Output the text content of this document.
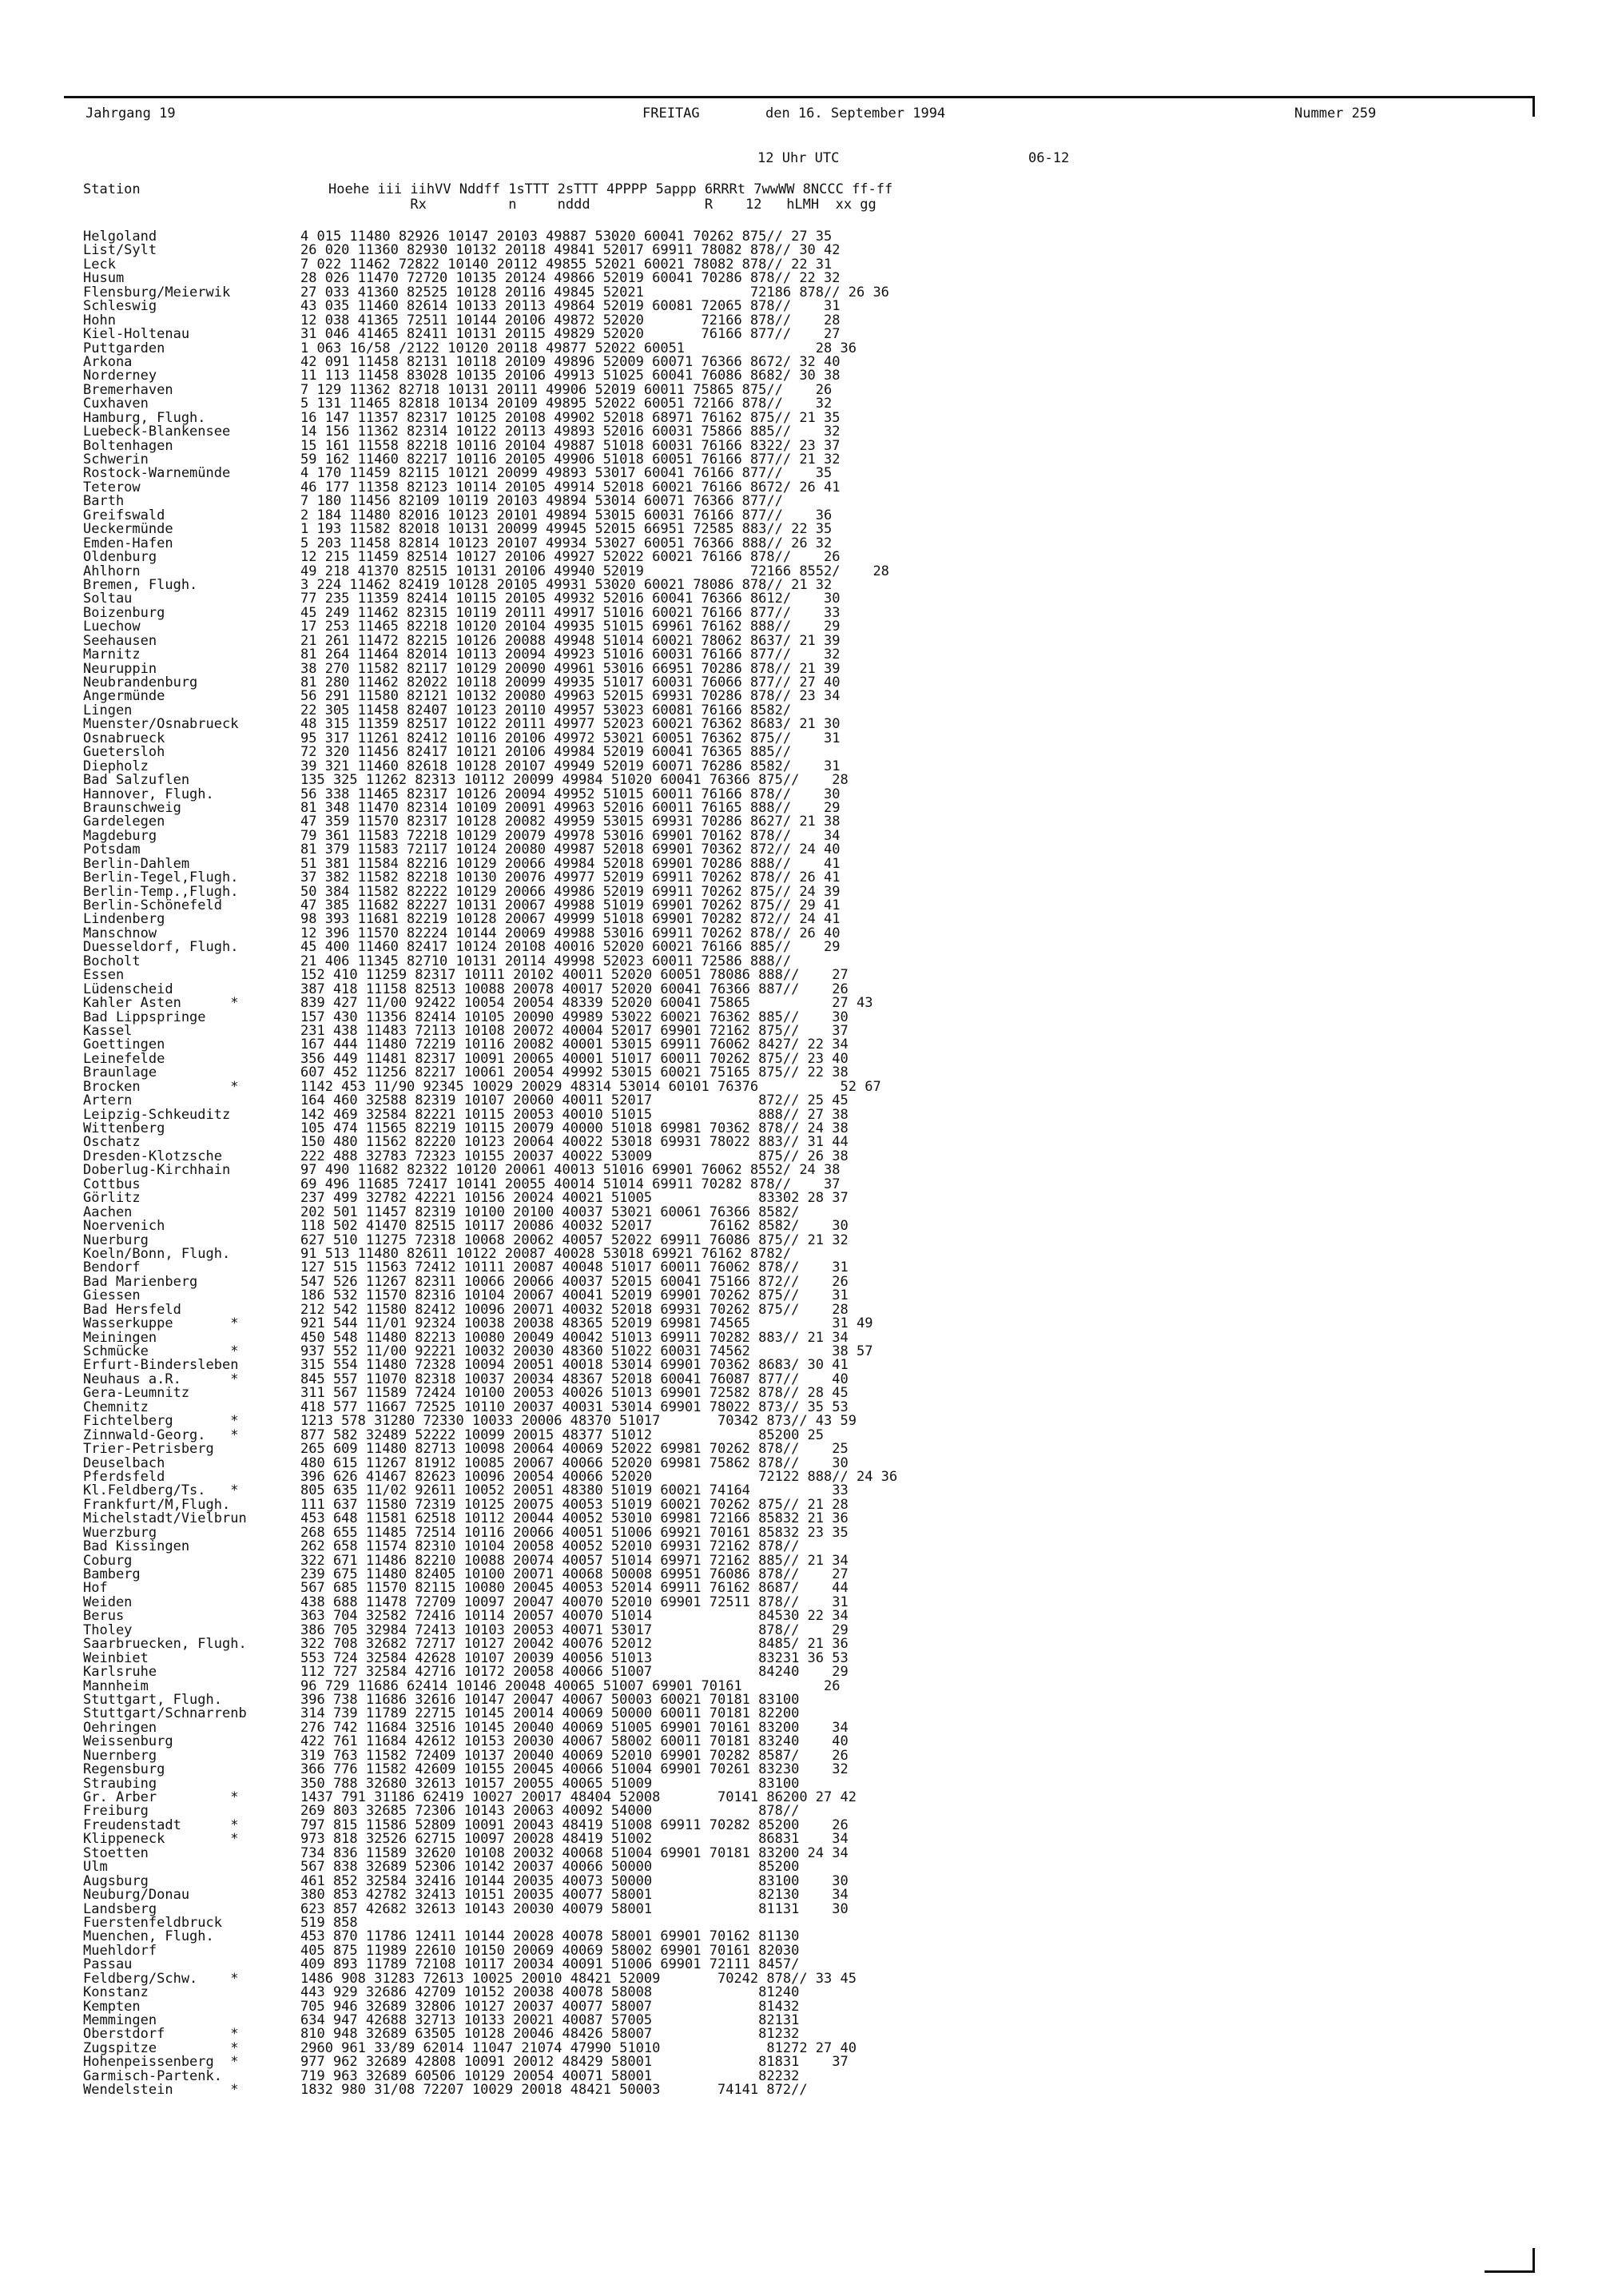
Jahrgang 19	FREITAG	den 16. September 1994	Nummer 259
12 Uhr UTC	06-12
Station                       Hoehe iii iihVV Nddff 1sTTT 2sTTT 4PPPP 5appp 6RRRt 7wwWW 8NCCC ff-ff
Rx          n     nddd              R    12   hLMH  xx gg
Helgoland	4 015 11480 82926 10147 20103 49887 53020 60041 70262 875// 27 35
List/Sylt	26 020 11360 82930 10132 20118 49841 52017 69911 78082 878// 30 42
Leck	7 022 11462 72822 10140 20112 49855 52021 60021 78082 878// 22 31
Husum	28 026 11470 72720 10135 20124 49866 52019 60041 70286 878// 22 32
Flensburg/Meierwik	27 033 41360 82525 10128 20116 49845 52021             72186 878// 26 36
Schleswig	43 035 11460 82614 10133 20113 49864 52019 60081 72065 878//    31
Hohn	12 038 41365 72511 10144 20106 49872 52020       72166 878//    28
Kiel-Holtenau	31 046 41465 82411 10131 20115 49829 52020       76166 877//    27
Puttgarden	1 063 16/58 /2122 10120 20118 49877 52022 60051                28 36
Arkona	42 091 11458 82131 10118 20109 49896 52009 60071 76366 8672/ 32 40
Norderney	11 113 11458 83028 10135 20106 49913 51025 60041 76086 8682/ 30 38
Bremerhaven	7 129 11362 82718 10131 20111 49906 52019 60011 75865 875//    26
Cuxhaven	5 131 11465 82818 10134 20109 49895 52022 60051 72166 878//    32
Hamburg, Flugh.	16 147 11357 82317 10125 20108 49902 52018 68971 76162 875// 21 35
Luebeck-Blankensee	14 156 11362 82314 10122 20113 49893 52016 60031 75866 885//    32
Boltenhagen	15 161 11558 82218 10116 20104 49887 51018 60031 76166 8322/ 23 37
Schwerin	59 162 11460 82217 10116 20105 49906 51018 60051 76166 877// 21 32
Rostock-Warnemünde	4 170 11459 82115 10121 20099 49893 53017 60041 76166 877//    35
Teterow	46 177 11358 82123 10114 20105 49914 52018 60021 76166 8672/ 26 41
Barth	7 180 11456 82109 10119 20103 49894 53014 60071 76366 877//
Greifswald	2 184 11480 82016 10123 20101 49894 53015 60031 76166 877//    36
Ueckermünde	1 193 11582 82018 10131 20099 49945 52015 66951 72585 883// 22 35
Emden-Hafen	5 203 11458 82814 10123 20107 49934 53027 60051 76366 888// 26 32
Oldenburg	12 215 11459 82514 10127 20106 49927 52022 60021 76166 878//    26
Ahlhorn	49 218 41370 82515 10131 20106 49940 52019             72166 8552/    28
Bremen, Flugh.	3 224 11462 82419 10128 20105 49931 53020 60021 78086 878// 21 32
Soltau	77 235 11359 82414 10115 20105 49932 52016 60041 76366 8612/    30
Boizenburg	45 249 11462 82315 10119 20111 49917 51016 60021 76166 877//    33
Luechow	17 253 11465 82218 10120 20104 49935 51015 69961 76162 888//    29
Seehausen	21 261 11472 82215 10126 20088 49948 51014 60021 78062 8637/ 21 39
Marnitz	81 264 11464 82014 10113 20094 49923 51016 60031 76166 877//    32
Neuruppin	38 270 11582 82117 10129 20090 49961 53016 66951 70286 878// 21 39
Neubrandenburg	81 280 11462 82022 10118 20099 49935 51017 60031 76066 877// 27 40
Angermünde	56 291 11580 82121 10132 20080 49963 52015 69931 70286 878// 23 34
Lingen	22 305 11458 82407 10123 20110 49957 53023 60081 76166 8582/
Muenster/Osnabrueck	48 315 11359 82517 10122 20111 49977 52023 60021 76362 8683/ 21 30
Osnabrueck	95 317 11261 82412 10116 20106 49972 53021 60051 76362 875//    31
Guetersloh	72 320 11456 82417 10121 20106 49984 52019 60041 76365 885//
Diepholz	39 321 11460 82618 10128 20107 49949 52019 60071 76286 8582/    31
Bad Salzuflen	135 325 11262 82313 10112 20099 49984 51020 60041 76366 875//    28
Hannover, Flugh.	56 338 11465 82317 10126 20094 49952 51015 60011 76166 878//    30
Braunschweig	81 348 11470 82314 10109 20091 49963 52016 60011 76165 888//    29
Gardelegen	47 359 11570 82317 10128 20082 49959 53015 69931 70286 8627/ 21 38
Magdeburg	79 361 11583 72218 10129 20079 49978 53016 69901 70162 878//    34
Potsdam	81 379 11583 72117 10124 20080 49987 52018 69901 70362 872// 24 40
Berlin-Dahlem	51 381 11584 82216 10129 20066 49984 52018 69901 70286 888//    41
Berlin-Tegel,Flugh.	37 382 11582 82218 10130 20076 49977 52019 69911 70262 878// 26 41
Berlin-Temp.,Flugh.	50 384 11582 82222 10129 20066 49986 52019 69911 70262 875// 24 39
Berlin-Schönefeld	47 385 11682 82227 10131 20067 49988 51019 69901 70262 875// 29 41
Lindenberg	98 393 11681 82219 10128 20067 49999 51018 69901 70282 872// 24 41
Manschnow	12 396 11570 82224 10144 20069 49988 53016 69911 70262 878// 26 40
Duesseldorf, Flugh.	45 400 11460 82417 10124 20108 40016 52020 60021 76166 885//    29
Bocholt	21 406 11345 82710 10131 20114 49998 52023 60011 72586 888//
Essen	152 410 11259 82317 10111 20102 40011 52020 60051 78086 888//    27
Lüdenscheid	387 418 11158 82513 10088 20078 40017 52020 60041 76366 887//    26
Kahler Asten      *	839 427 11/00 92422 10054 20054 48339 52020 60041 75865          27 43
Bad Lippspringe	157 430 11356 82414 10105 20090 49989 53022 60021 76362 885//    30
Kassel	231 438 11483 72113 10108 20072 40004 52017 69901 72162 875//    37
Goettingen	167 444 11480 72219 10116 20082 40001 53015 69911 76062 8427/ 22 34
Leinefelde	356 449 11481 82317 10091 20065 40001 51017 60011 70262 875// 23 40
Braunlage	607 452 11256 82217 10061 20054 49992 53015 60021 75165 875// 22 38
Brocken           *	1142 453 11/90 92345 10029 20029 48314 53014 60101 76376          52 67
Artern	164 460 32588 82319 10107 20060 40011 52017             872// 25 45
Leipzig-Schkeuditz	142 469 32584 82221 10115 20053 40010 51015             888// 27 38
Wittenberg	105 474 11565 82219 10115 20079 40000 51018 69981 70362 878// 24 38
Oschatz	150 480 11562 82220 10123 20064 40022 53018 69931 78022 883// 31 44
Dresden-Klotzsche	222 488 32783 72323 10155 20037 40022 53009             875// 26 38
Doberlug-Kirchhain	97 490 11682 82322 10120 20061 40013 51016 69901 76062 8552/ 24 38
Cottbus	69 496 11685 72417 10141 20055 40014 51014 69911 70282 878//    37
Görlitz	237 499 32782 42221 10156 20024 40021 51005             83302 28 37
Aachen	202 501 11457 82319 10100 20100 40037 53021 60061 76366 8582/
Noervenich	118 502 41470 82515 10117 20086 40032 52017       76162 8582/    30
Nuerburg	627 510 11275 72318 10068 20062 40057 52022 69911 76086 875// 21 32
Koeln/Bonn, Flugh.	91 513 11480 82611 10122 20087 40028 53018 69921 76162 8782/
Bendorf	127 515 11563 72412 10111 20087 40048 51017 60011 76062 878//    31
Bad Marienberg	547 526 11267 82311 10066 20066 40037 52015 60041 75166 872//    26
Giessen	186 532 11570 82316 10104 20067 40041 52019 69901 70262 875//    31
Bad Hersfeld	212 542 11580 82412 10096 20071 40032 52018 69931 70262 875//    28
Wasserkuppe       *	921 544 11/01 92324 10038 20038 48365 52019 69981 74565          31 49
Meiningen	450 548 11480 82213 10080 20049 40042 51013 69911 70282 883// 21 34
Schmücke          *	937 552 11/00 92221 10032 20030 48360 51022 60031 74562          38 57
Erfurt-Bindersleben	315 554 11480 72328 10094 20051 40018 53014 69901 70362 8683/ 30 41
Neuhaus a.R.      *	845 557 11070 82318 10037 20034 48367 52018 60041 76087 877//    40
Gera-Leumnitz	311 567 11589 72424 10100 20053 40026 51013 69901 72582 878// 28 45
Chemnitz	418 577 11667 72525 10110 20037 40031 53014 69901 78022 873// 35 53
Fichtelberg       *	1213 578 31280 72330 10033 20006 48370 51017       70342 873// 43 59
Zinnwald-Georg.   *	877 582 32489 52222 10099 20015 48377 51012             85200 25
Trier-Petrisberg	265 609 11480 82713 10098 20064 40069 52022 69981 70262 878//    25
Deuselbach	480 615 11267 81912 10085 20067 40066 52020 69981 75862 878//    30
Pferdsfeld	396 626 41467 82623 10096 20054 40066 52020             72122 888// 24 36
Kl.Feldberg/Ts.   *	805 635 11/02 92611 10052 20051 48380 51019 60021 74164          33
Frankfurt/M,Flugh.	111 637 11580 72319 10125 20075 40053 51019 60021 70262 875// 21 28
Michelstadt/Vielbrun	453 648 11581 62518 10112 20044 40052 53010 69981 72166 85832 21 36
Wuerzburg	268 655 11485 72514 10116 20066 40051 51006 69921 70161 85832 23 35
Bad Kissingen	262 658 11574 82310 10104 20058 40052 52010 69931 72162 878//
Coburg	322 671 11486 82210 10088 20074 40057 51014 69971 72162 885// 21 34
Bamberg	239 675 11480 82405 10100 20071 40068 50008 69951 76086 878//    27
Hof	567 685 11570 82115 10080 20045 40053 52014 69911 76162 8687/    44
Weiden	438 688 11478 72709 10097 20047 40070 52010 69901 72511 878//    31
Berus	363 704 32582 72416 10114 20057 40070 51014             84530 22 34
Tholey	386 705 32984 72413 10103 20053 40071 53017             878//    29
Saarbruecken, Flugh.	322 708 32682 72717 10127 20042 40076 52012             8485/ 21 36
Weinbiet	553 724 32584 42628 10107 20039 40056 51013             83231 36 53
Karlsruhe	112 727 32584 42716 10172 20058 40066 51007             84240    29
Mannheim	96 729 11686 62414 10146 20048 40065 51007 69901 70161          26
Stuttgart, Flugh.	396 738 11686 32616 10147 20047 40067 50003 60021 70181 83100
Stuttgart/Schnarrenb	314 739 11789 22715 10145 20014 40069 50000 60011 70181 82200
Oehringen	276 742 11684 32516 10145 20040 40069 51005 69901 70161 83200    34
Weissenburg	422 761 11684 42612 10153 20030 40067 58002 60011 70181 83240    40
Nuernberg	319 763 11582 72409 10137 20040 40069 52010 69901 70282 8587/    26
Regensburg	366 776 11582 42609 10155 20045 40066 51004 69901 70261 83230    32
Straubing	350 788 32680 32613 10157 20055 40065 51009             83100
Gr. Arber         *	1437 791 31186 62419 10027 20017 48404 52008       70141 86200 27 42
Freiburg	269 803 32685 72306 10143 20063 40092 54000             878//
Freudenstadt      *	797 815 11586 52809 10091 20043 48419 51008 69911 70282 85200    26
Klippeneck        *	973 818 32526 62715 10097 20028 48419 51002             86831    34
Stoetten	734 836 11589 32620 10108 20032 40068 51004 69901 70181 83200 24 34
Ulm	567 838 32689 52306 10142 20037 40066 50000             85200
Augsburg	461 852 32584 32416 10144 20035 40073 50000             83100    30
Neuburg/Donau	380 853 42782 32413 10151 20035 40077 58001             82130    34
Landsberg	623 857 42682 32613 10143 20030 40079 58001             81131    30
Fuerstenfeldbruck	519 858
Muenchen, Flugh.	453 870 11786 12411 10144 20028 40078 58001 69901 70162 81130
Muehldorf	405 875 11989 22610 10150 20069 40069 58002 69901 70161 82030
Passau	409 893 11789 72108 10117 20034 40091 51006 69901 72111 8457/
Feldberg/Schw.    *	1486 908 31283 72613 10025 20010 48421 52009       70242 878// 33 45
Konstanz	443 929 32686 42709 10152 20038 40078 58008             81240
Kempten	705 946 32689 32806 10127 20037 40077 58007             81432
Memmingen	634 947 42688 32713 10133 20021 40087 57005             82131
Oberstdorf        *	810 948 32689 63505 10128 20046 48426 58007             81232
Zugspitze         *	2960 961 33/89 62014 11047 21074 47990 51010             81272 27 40
Hohenpeissenberg  *	977 962 32689 42808 10091 20012 48429 58001             81831    37
Garmisch-Partenk.	719 963 32689 60506 10129 20054 40071 58001             82232
Wendelstein       *	1832 980 31/08 72207 10029 20018 48421 50003       74141 872//
